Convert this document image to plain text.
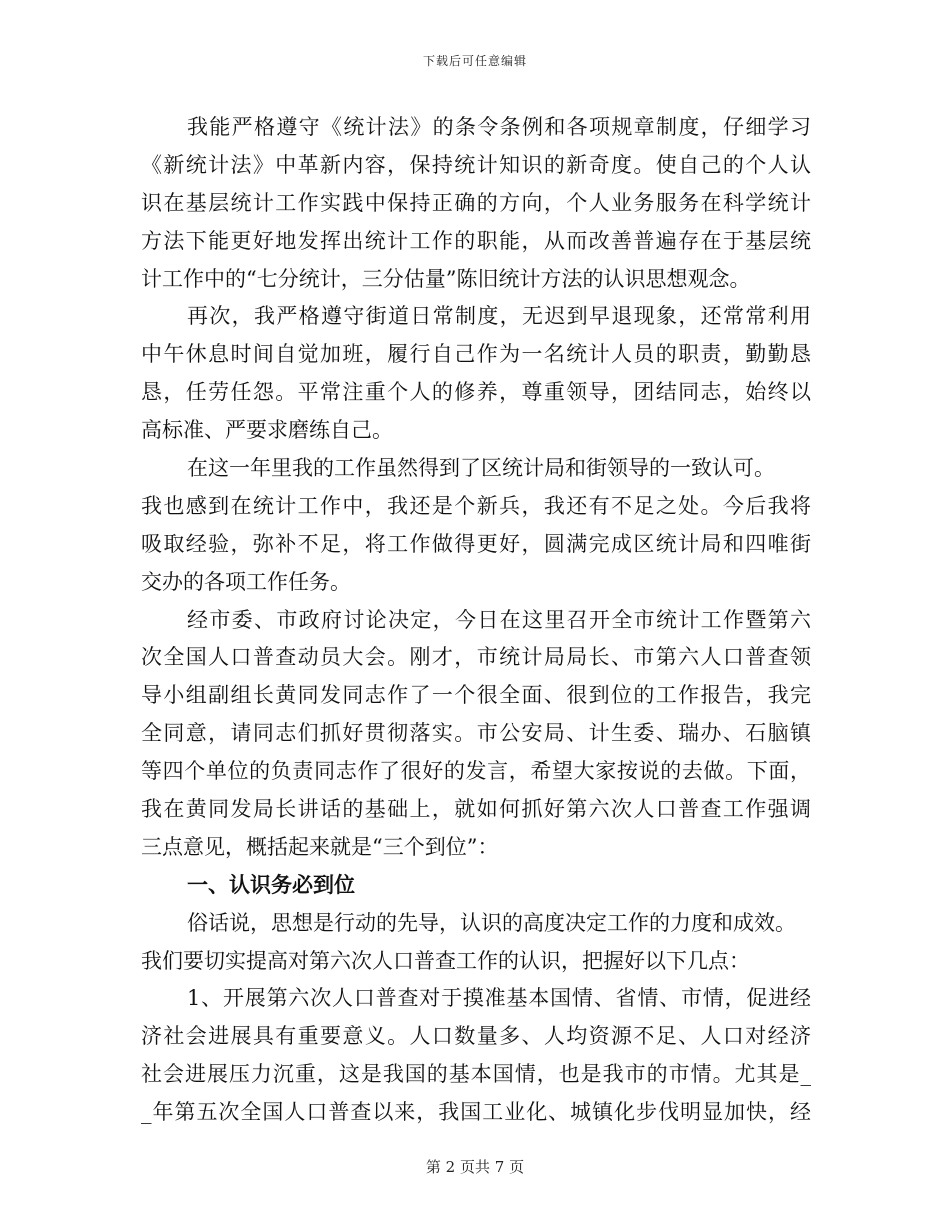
下载后可任意编辑
我能严格遵守《统计法》的条令条例和各项规章制度，仔细学习
《新统计法》中革新内容，保持统计知识的新奇度。使自己的个人认
识在基层统计工作实践中保持正确的方向，个人业务服务在科学统计
方法下能更好地发挥出统计工作的职能，从而改善普遍存在于基层统
计工作中的“七分统计，三分估量”陈旧统计方法的认识思想观念。
再次，我严格遵守街道日常制度，无迟到早退现象，还常常利用
中午休息时间自觉加班，履行自己作为一名统计人员的职责，勤勤恳
恳，任劳任怨。平常注重个人的修养，尊重领导，团结同志，始终以
高标准、严要求磨练自己。
在这一年里我的工作虽然得到了区统计局和街领导的一致认可。
我也感到在统计工作中，我还是个新兵，我还有不足之处。今后我将
吸取经验，弥补不足，将工作做得更好，圆满完成区统计局和四唯街
交办的各项工作任务。
经市委、市政府讨论决定，今日在这里召开全市统计工作暨第六
次全国人口普查动员大会。刚才，市统计局局长、市第六人口普查领
导小组副组长黄同发同志作了一个很全面、很到位的工作报告，我完
全同意，请同志们抓好贯彻落实。市公安局、计生委、瑞办、石脑镇
等四个单位的负责同志作了很好的发言，希望大家按说的去做。下面，
我在黄同发局长讲话的基础上，就如何抓好第六次人口普查工作强调
三点意见，概括起来就是“三个到位”：
一、认识务必到位
俗话说，思想是行动的先导，认识的高度决定工作的力度和成效。
我们要切实提高对第六次人口普查工作的认识，把握好以下几点：
1、开展第六次人口普查对于摸准基本国情、省情、市情，促进经
济社会进展具有重要意义。人口数量多、人均资源不足、人口对经济
社会进展压力沉重，这是我国的基本国情，也是我市的市情。尤其是_
_年第五次全国人口普查以来，我国工业化、城镇化步伐明显加快，经
第 2 页共 7 页
